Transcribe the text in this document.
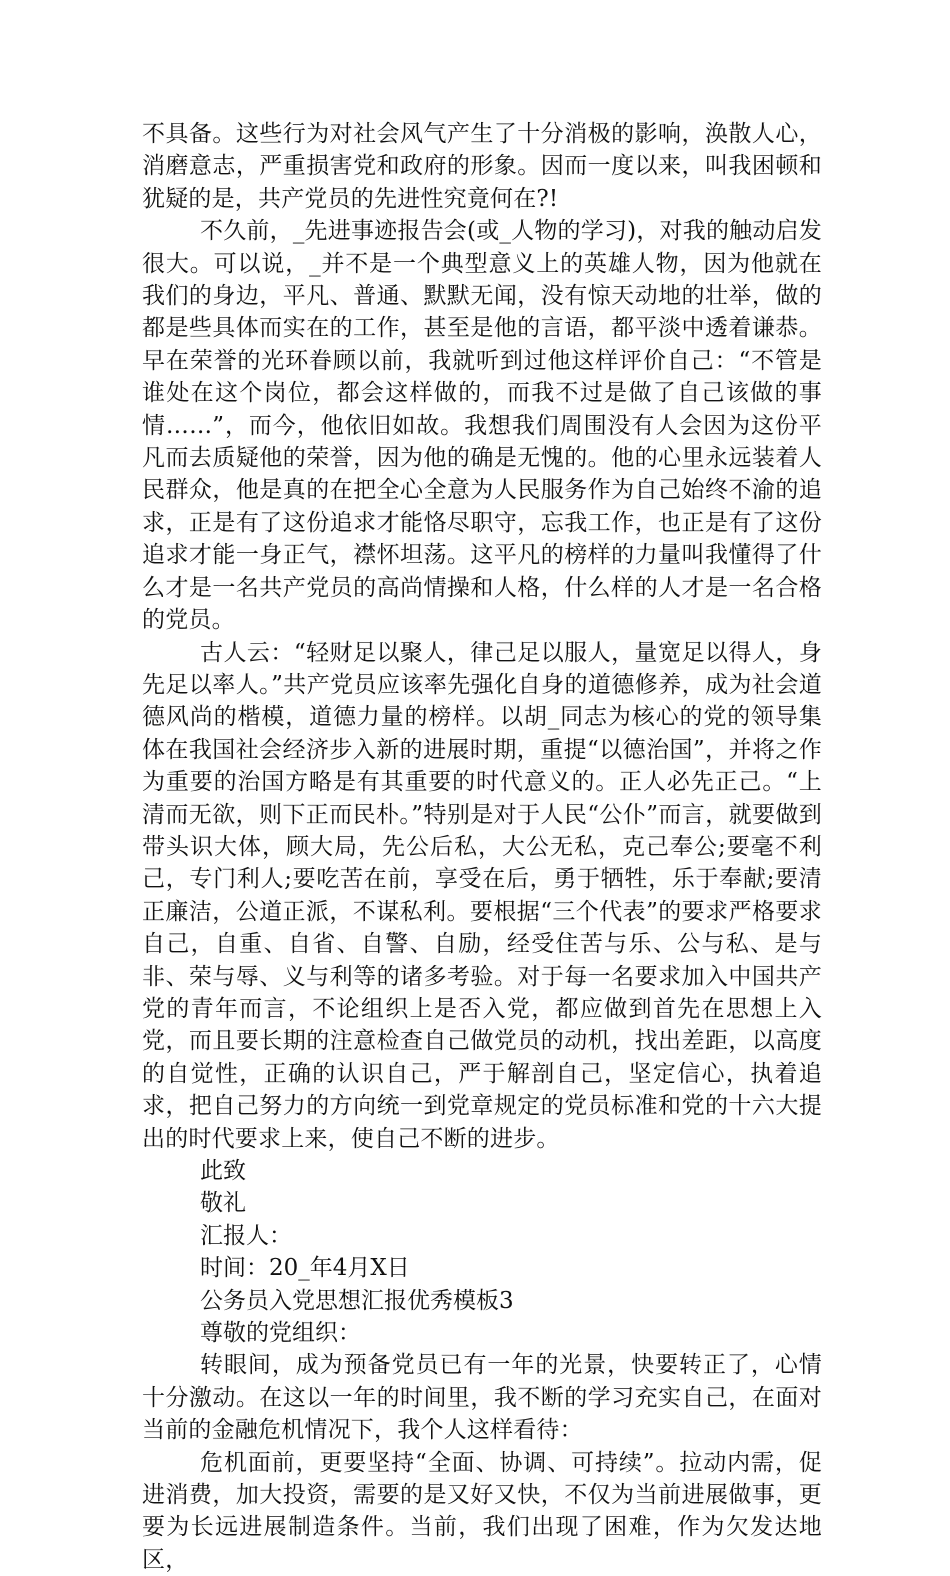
不具备。这些行为对社会风气产生了十分消极的影响，涣散人心，消磨意志，严重损害党和政府的形象。因而一度以来，叫我困顿和犹疑的是，共产党员的先进性究竟何在?!

不久前，_先进事迹报告会(或_人物的学习)，对我的触动启发很大。可以说，_并不是一个典型意义上的英雄人物，因为他就在我们的身边，平凡、普通、默默无闻，没有惊天动地的壮举，做的都是些具体而实在的工作，甚至是他的言语，都平淡中透着谦恭。早在荣誉的光环眷顾以前，我就听到过他这样评价自己：“不管是谁处在这个岗位，都会这样做的，而我不过是做了自己该做的事情……”，而今，他依旧如故。我想我们周围没有人会因为这份平凡而去质疑他的荣誉，因为他的确是无愧的。他的心里永远装着人民群众，他是真的在把全心全意为人民服务作为自己始终不渝的追求，正是有了这份追求才能恪尽职守，忘我工作，也正是有了这份追求才能一身正气，襟怀坦荡。这平凡的榜样的力量叫我懂得了什么才是一名共产党员的高尚情操和人格，什么样的人才是一名合格的党员。

古人云：“轻财足以聚人，律己足以服人，量宽足以得人，身先足以率人。”共产党员应该率先强化自身的道德修养，成为社会道德风尚的楷模，道德力量的榜样。以胡_同志为核心的党的领导集体在我国社会经济步入新的进展时期，重提“以德治国”，并将之作为重要的治国方略是有其重要的时代意义的。正人必先正己。“上清而无欲，则下正而民朴。”特别是对于人民“公仆”而言，就要做到带头识大体，顾大局，先公后私，大公无私，克己奉公;要毫不利己，专门利人;要吃苦在前，享受在后，勇于牺牲，乐于奉献;要清正廉洁，公道正派，不谋私利。要根据“三个代表”的要求严格要求自己，自重、自省、自警、自励，经受住苦与乐、公与私、是与非、荣与辱、义与利等的诸多考验。对于每一名要求加入中国共产党的青年而言，不论组织上是否入党，都应做到首先在思想上入党，而且要长期的注意检查自己做党员的动机，找出差距，以高度的自觉性，正确的认识自己，严于解剖自己，坚定信心，执着追求，把自己努力的方向统一到党章规定的党员标准和党的十六大提出的时代要求上来，使自己不断的进步。

此致

敬礼

汇报人：

时间：20_年4月X日

公务员入党思想汇报优秀模板3

尊敬的党组织：

转眼间，成为预备党员已有一年的光景，快要转正了，心情十分激动。在这以一年的时间里，我不断的学习充实自己，在面对当前的金融危机情况下，我个人这样看待：

危机面前，更要坚持“全面、协调、可持续”。拉动内需，促进消费，加大投资，需要的是又好又快，不仅为当前进展做事，更要为长远进展制造条件。当前，我们出现了困难，作为欠发达地区，
